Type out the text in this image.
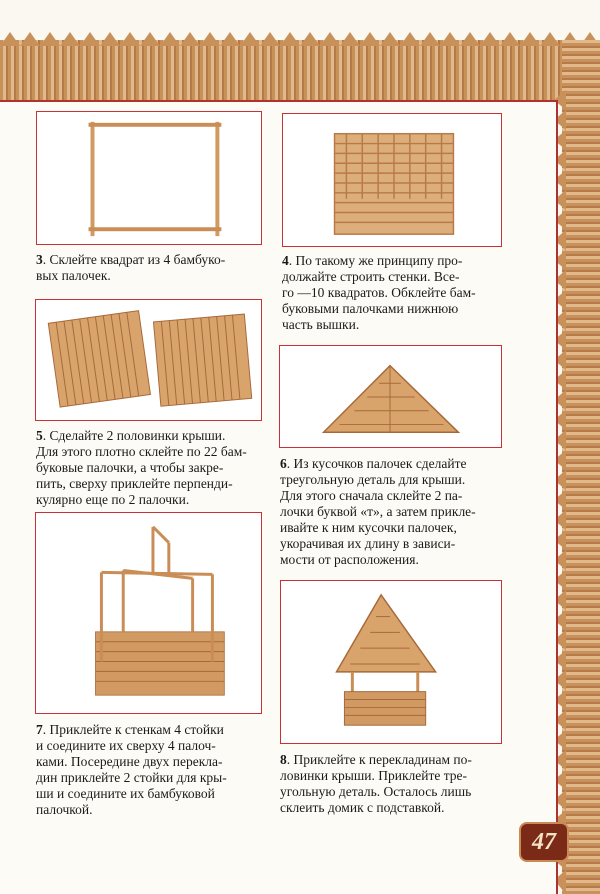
3. Склейте квадрат из 4 бамбуко-
вых палочек.
4. По такому же принципу про-
должайте строить стенки. Все-
го —10 квадратов. Обклейте бам-
буковыми палочками нижнюю
часть вышки.
5. Сделайте 2 половинки крыши.
Для этого плотно склейте по 22 бам-
буковые палочки, а чтобы закре-
пить, сверху приклейте перпенди-
кулярно еще по 2 палочки.
6. Из кусочков палочек сделайте
треугольную деталь для крыши.
Для этого сначала склейте 2 па-
лочки буквой «т», а затем прикле-
ивайте к ним кусочки палочек,
укорачивая их длину в зависи-
мости от расположения.
7. Приклейте к стенкам 4 стойки
и соедините их сверху 4 палоч-
ками. Посередине двух перекла-
дин приклейте 2 стойки для кры-
ши и соедините их бамбуковой
палочкой.
8. Приклейте к перекладинам по-
ловинки крыши. Приклейте тре-
угольную деталь. Осталось лишь
склеить домик с подставкой.
47
